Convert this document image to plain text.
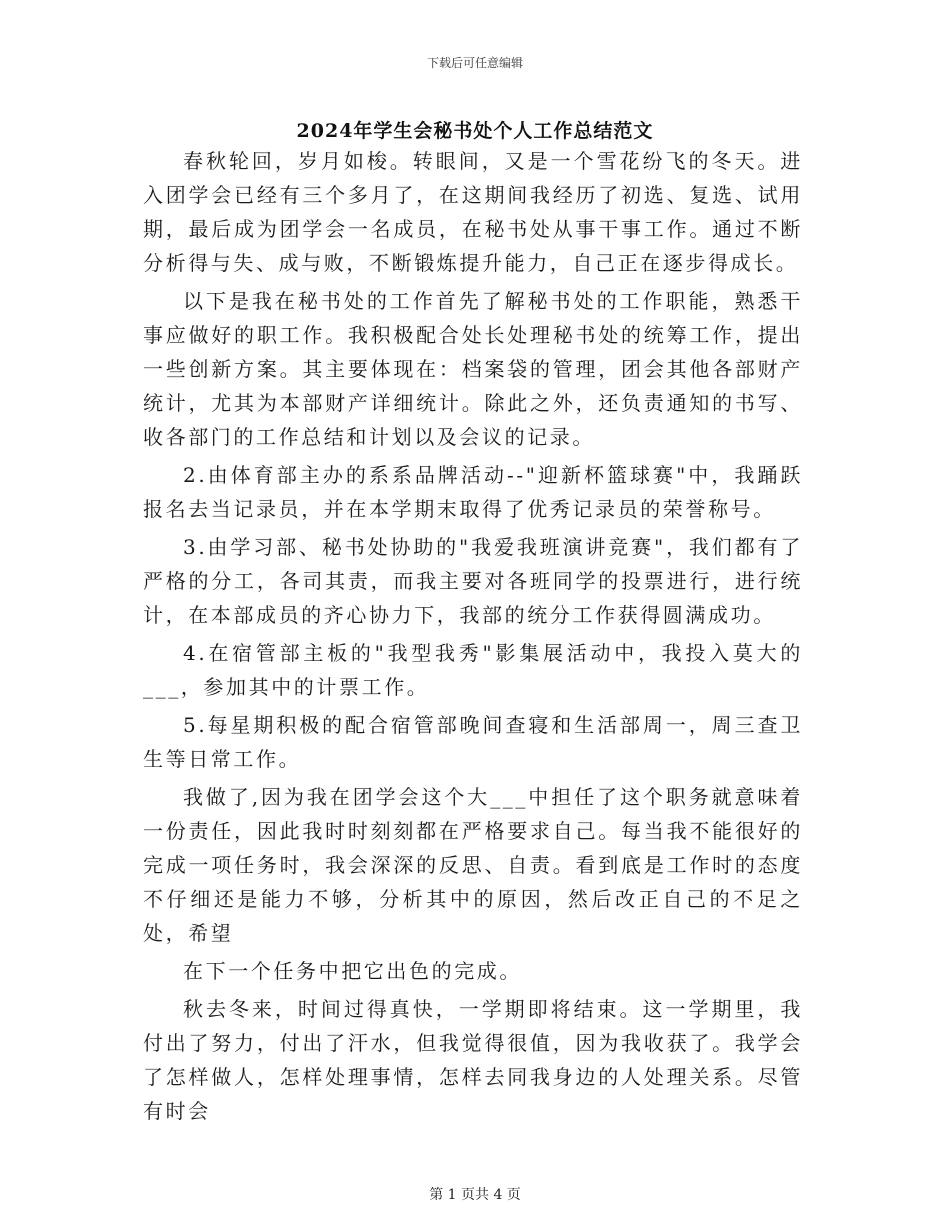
下载后可任意编辑
2024年学生会秘书处个人工作总结范文

春秋轮回，岁月如梭。转眼间，又是一个雪花纷飞的冬天。进入团学会已经有三个多月了，在这期间我经历了初选、复选、试用期，最后成为团学会一名成员，在秘书处从事干事工作。通过不断分析得与失、成与败，不断锻炼提升能力，自己正在逐步得成长。

以下是我在秘书处的工作首先了解秘书处的工作职能，熟悉干事应做好的职工作。我积极配合处长处理秘书处的统筹工作，提出一些创新方案。其主要体现在：档案袋的管理，团会其他各部财产统计，尤其为本部财产详细统计。除此之外，还负责通知的书写、收各部门的工作总结和计划以及会议的记录。

2.由体育部主办的系系品牌活动--"迎新杯篮球赛"中，我踊跃报名去当记录员，并在本学期末取得了优秀记录员的荣誉称号。

3.由学习部、秘书处协助的"我爱我班演讲竞赛"，我们都有了严格的分工，各司其责，而我主要对各班同学的投票进行，进行统计，在本部成员的齐心协力下，我部的统分工作获得圆满成功。

4.在宿管部主板的"我型我秀"影集展活动中，我投入莫大的___，参加其中的计票工作。

5.每星期积极的配合宿管部晚间查寝和生活部周一，周三查卫生等日常工作。

我做了,因为我在团学会这个大___中担任了这个职务就意味着一份责任，因此我时时刻刻都在严格要求自己。每当我不能很好的完成一项任务时，我会深深的反思、自责。看到底是工作时的态度不仔细还是能力不够，分析其中的原因，然后改正自己的不足之处，希望

在下一个任务中把它出色的完成。

秋去冬来，时间过得真快，一学期即将结束。这一学期里，我付出了努力，付出了汗水，但我觉得很值，因为我收获了。我学会了怎样做人，怎样处理事情，怎样去同我身边的人处理关系。尽管有时会

第 1 页共 4 页
